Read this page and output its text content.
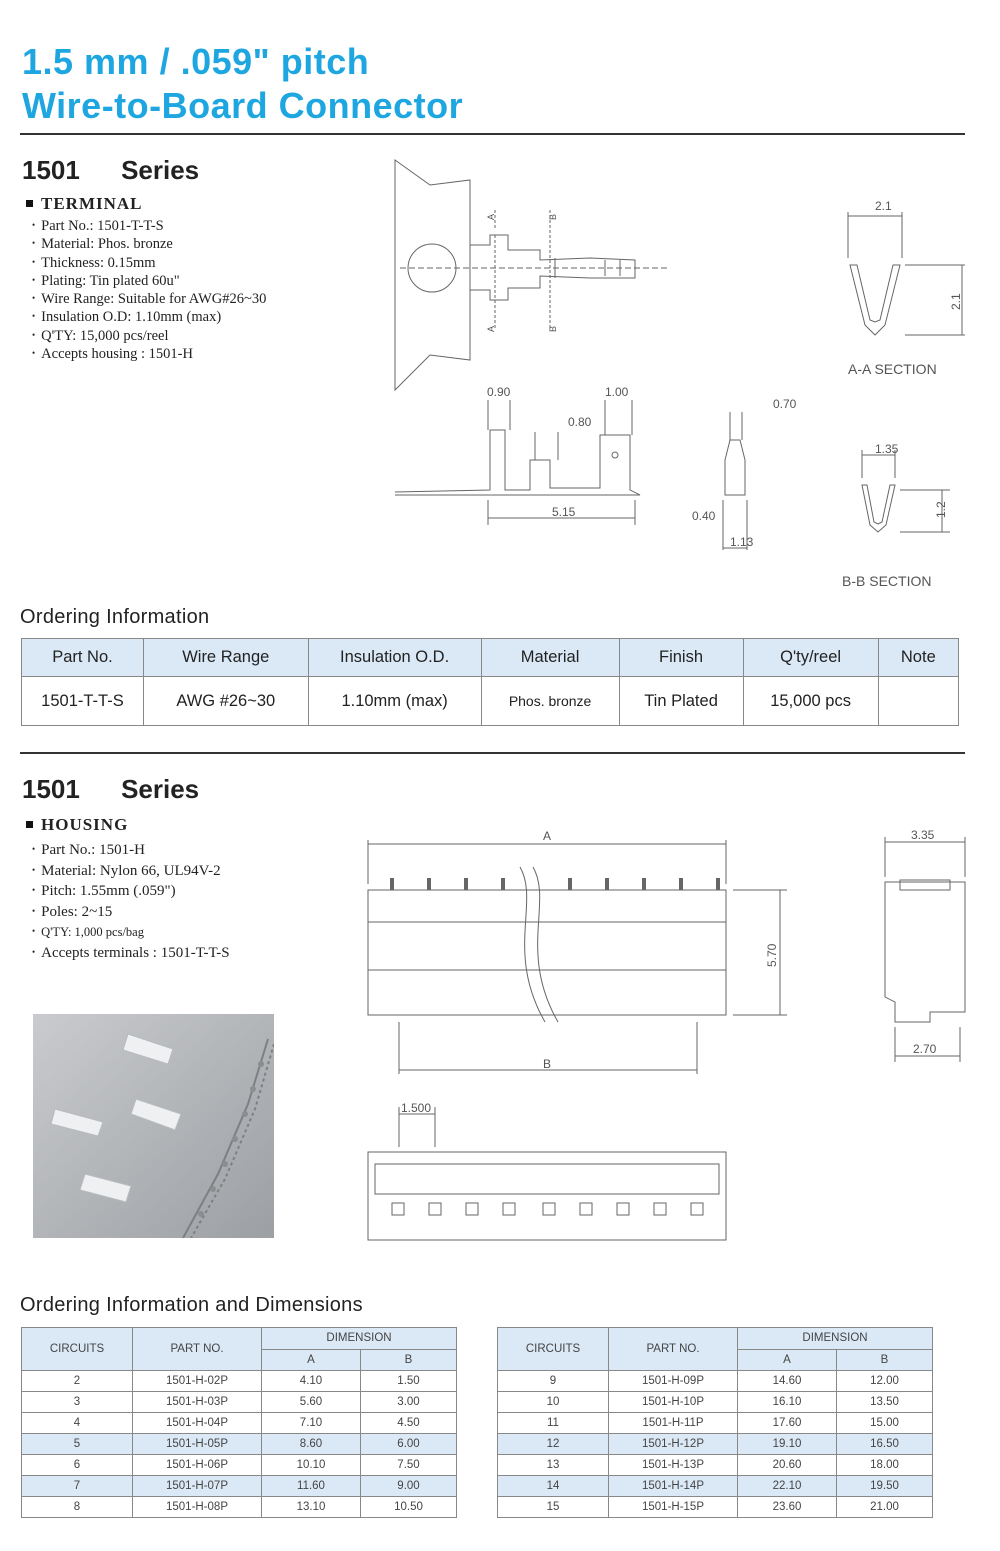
1.5 mm / .059" pitch
Wire-to-Board Connector
1501 Series
TERMINAL
• Part No.: 1501-T-T-S
• Material: Phos. bronze
• Thickness: 0.15mm
• Plating: Tin plated 60u"
• Wire Range: Suitable for AWG#26~30
• Insulation O.D: 1.10mm (max)
• Q'TY: 15,000 pcs/reel
• Accepts housing : 1501-H
A	B
A	B
2.1
2.1
A-A SECTION
1.35
1.2
B-B SECTION
0.90	1.00
0.80
5.15
0.70
0.40
1.13
Ordering Information
Part No.	Wire Range	Insulation O.D.	Material	Finish	Q'ty/reel	Note
1501-T-T-S	AWG #26~30	1.10mm (max)	Phos. bronze	Tin Plated	15,000 pcs	
1501 Series
HOUSING
• Part No.: 1501-H
• Material: Nylon 66, UL94V-2
• Pitch: 1.55mm (.059")
• Poles: 2~15
• Q'TY: 1,000 pcs/bag
• Accepts terminals : 1501-T-T-S
A
B
5.70
3.35
2.70
1.500
Ordering Information and Dimensions
CIRCUITS	PART NO.	DIMENSION	
		A	B
2	1501-H-02P	4.10	1.50
3	1501-H-03P	5.60	3.00
4	1501-H-04P	7.10	4.50
5	1501-H-05P	8.60	6.00
6	1501-H-06P	10.10	7.50
7	1501-H-07P	11.60	9.00
8	1501-H-08P	13.10	10.50
CIRCUITS	PART NO.	DIMENSION	
		A	B
9	1501-H-09P	14.60	12.00
10	1501-H-10P	16.10	13.50
11	1501-H-11P	17.60	15.00
12	1501-H-12P	19.10	16.50
13	1501-H-13P	20.60	18.00
14	1501-H-14P	22.10	19.50
15	1501-H-15P	23.60	21.00
